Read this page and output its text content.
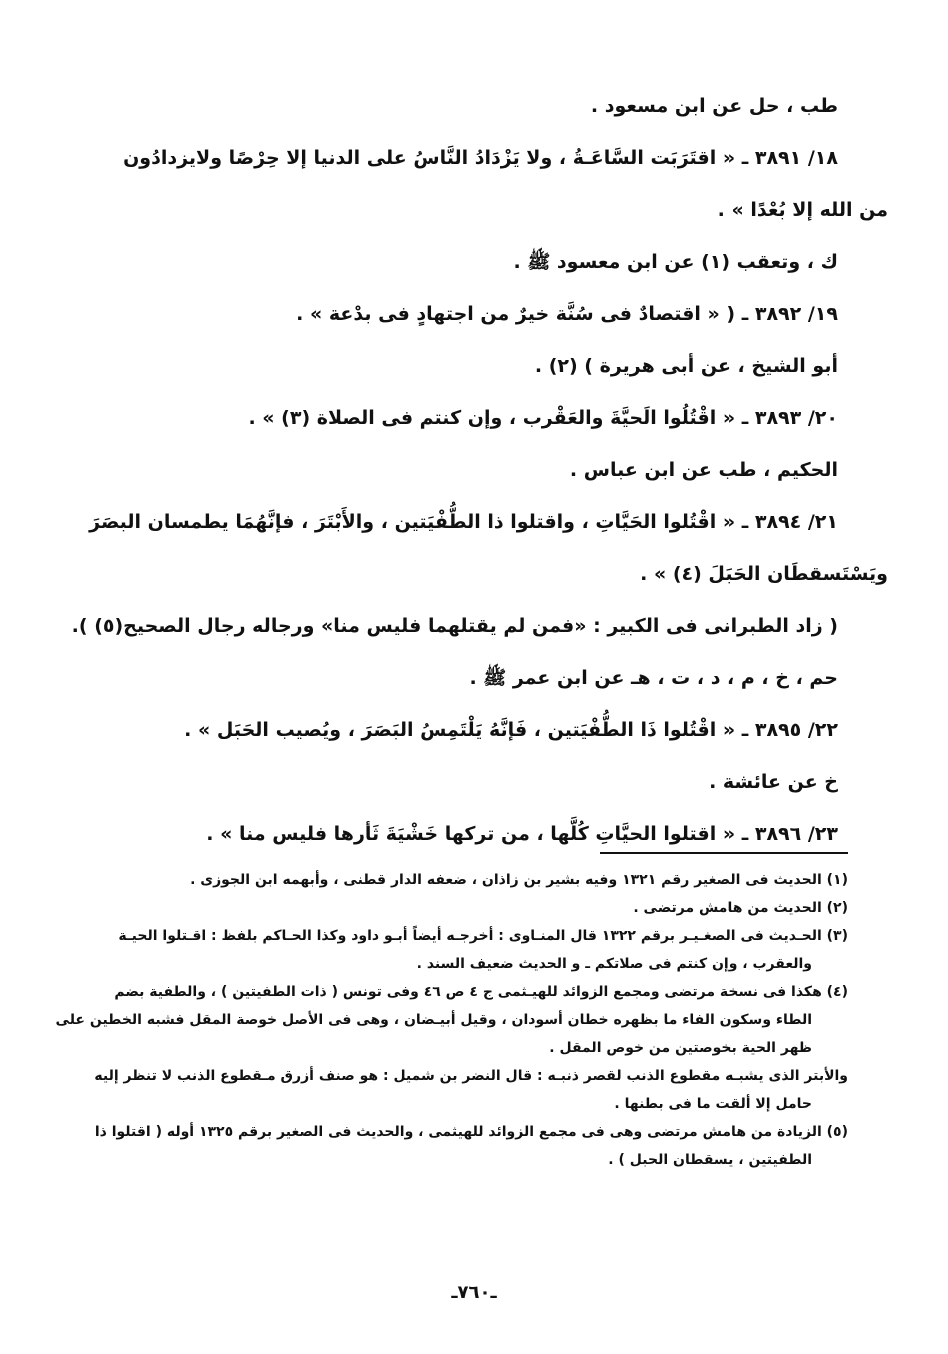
طب ، حل عن ابن مسعود .
١٨/ ٣٨٩١ ـ « اقتَرَبَت السَّاعَـةُ ، ولا يَزْدَادُ النَّاسُ على الدنيا إلا حِرْصًا ولايزدادُون
من الله إلا بُعْدًا » .
ك ، وتعقب (١) عن ابن معسود ﷺ .
١٩/ ٣٨٩٢ ـ ( « اقتصادٌ فى سُنَّة خيرٌ من اجتهادٍ فى بدْعة » .
أبو الشيخ ، عن أبى هريرة ) (٢) .
٢٠/ ٣٨٩٣ ـ « اقْتُلُوا الَحيَّةَ والعَقْرب ، وإن كنتم فى الصلاة (٣) » .
الحكيم ، طب عن ابن عباس .
٢١/ ٣٨٩٤ ـ « اقْتُلوا الحَيَّاتِ ، واقتلوا ذا الطُّفْيَتين ، والأَبْتَرَ ، فإنَّهُمَا يطمسان البصَرَ
ويَسْتَسقطَان الحَبَلَ (٤) » .
( زاد الطبرانى فى الكبير : «فمن لم يقتلهما فليس منا» ورجاله رجال الصحيح(٥) ).
حم ، خ ، م ، د ، ت ، هـ عن ابن عمر ﷺ .
٢٢/ ٣٨٩٥ ـ « اقْتُلوا ذَا الطُّفْيَتين ، فَإنَّهُ يَلْتَمِسُ البَصَرَ ، ويُصيب الحَبَل » .
خ عن عائشة .
٢٣/ ٣٨٩٦ ـ « اقتلوا الحيَّاتِ كُلَّها ، من تركها خَشْيَةَ ثَأرها فليس منا » .
(١) الحديث فى الصغير رقم ١٣٢١ وفيه بشير بن زاذان ، ضعفه الدار قطنى ، وأبهمه ابن الجوزى .
(٢) الحديث من هامش مرتضى .
(٣) الحـديث فى الصغـيـر برقم ١٣٢٢ قال المنـاوى : أخرجـه أيضاً أبـو داود وكذا الحـاكم بلفظ : اقـتلوا الحيـة
والعقرب ، وإن كنتم فى صلاتكم ـ و الحديث ضعيف السند .
(٤) هكذا فى نسخة مرتضى ومجمع الزوائد للهيـثمى ج ٤ ص ٤٦ وفى تونس ( ذات الطفيتين ) ، والطفية بضم
الطاء وسكون الفاء ما بظهره خطان أسودان ، وقيل أبيـضان ، وهى فى الأصل خوصة المقل فشبه الخطين على
ظهر الحية بخوصتين من خوص المقل .
والأبتر الذى يشبـه مقطوع الذنب لقصر ذنبـه : قال النضر بن شميل : هو صنف أزرق مـقطوع الذنب لا تنظر إليه
حامل إلا ألقت ما فى بطنها .
(٥) الزيادة من هامش مرتضى وهى فى مجمع الزوائد للهيثمى ، والحديث فى الصغير برقم ١٣٢٥ أوله ( اقتلوا ذا
الطفيتين ، يسقطان الحبل ) .
ـ٧٦٠ـ
